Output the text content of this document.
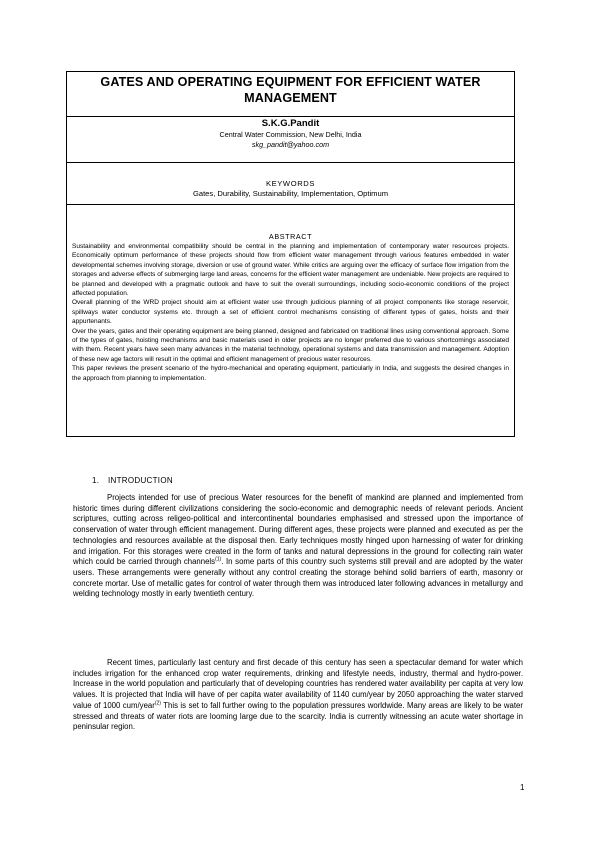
GATES AND OPERATING EQUIPMENT FOR EFFICIENT WATER MANAGEMENT
S.K.G.Pandit
Central Water Commission, New Delhi, India
skg_pandit@yahoo.com
KEYWORDS
Gates, Durability, Sustainability, Implementation, Optimum
ABSTRACT

Sustainability and environmental compatibility should be central in the planning and implementation of contemporary water resources projects. Economically optimum performance of these projects should flow from efficient water management through various features embedded in water developmental schemes involving storage, diversion or use of ground water. While critics are arguing over the efficacy of surface flow irrigation from the storages and adverse effects of submerging large land areas, concerns for the efficient water management are undeniable. New projects are required to be planned and developed with a pragmatic outlook and have to suit the overall surroundings, including socio-economic conditions of the project affected population.

Overall planning of the WRD project should aim at efficient water use through judicious planning of all project components like storage reservoir, spillways water conductor systems etc. through a set of efficient control mechanisms consisting of different types of gates, hoists and their appurtenants.

Over the years, gates and their operating equipment are being planned, designed and fabricated on traditional lines using conventional approach. Some of the types of gates, hoisting mechanisms and basic materials used in older projects are no longer preferred due to various shortcomings associated with them. Recent years have seen many advances in the material technology, operational systems and data transmission and management. Adoption of these new age factors will result in the optimal and efficient management of precious water resources.

This paper reviews the present scenario of the hydro-mechanical and operating equipment, particularly in India, and suggests the desired changes in the approach from planning to implementation.

1. INTRODUCTION

Projects intended for use of precious Water resources for the benefit of mankind are planned and implemented from historic times during different civilizations considering the socio-economic and demographic needs of relevant periods. Ancient scriptures, cutting across religeo-political and intercontinental boundaries emphasised and stressed upon the importance of conservation of water through efficient management. During different ages, these projects were planned and executed as per the technologies and resources available at the disposal then. Early techniques mostly hinged upon harnessing of water for drinking and irrigation. For this storages were created in the form of tanks and natural depressions in the ground for collecting rain water which could be carried through channels$^{(1)}$. In some parts of this country such systems still prevail and are adopted by the water users. These arrangements were generally without any control creating the storage behind solid barriers of earth, masonry or concrete mortar. Use of metallic gates for control of water through them was introduced later following advances in metallurgy and welding technology mostly in early twentieth century.

Recent times, particularly last century and first decade of this century has seen a spectacular demand for water which includes irrigation for the enhanced crop water requirements, drinking and lifestyle needs, industry, thermal and hydro-power. Increase in the world population and particularly that of developing countries has rendered water availability per capita at very low values. It is projected that India will have of per capita water availability of 1140 cum/year by 2050 approaching the water starved value of 1000 cum/year$^{(2)}$ This is set to fall further owing to the population pressures worldwide. Many areas are likely to be water stressed and threats of water riots are looming large due to the scarcity. India is currently witnessing an acute water shortage in peninsular region.

1
